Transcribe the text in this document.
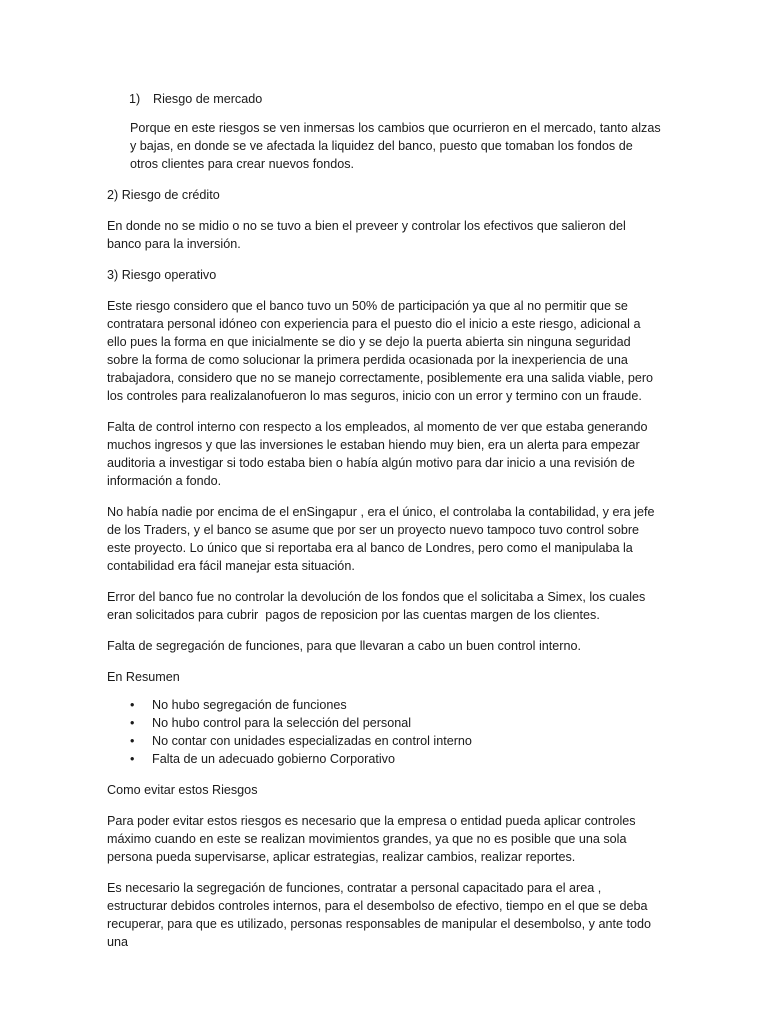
1)	Riesgo de mercado

Porque en este riesgos se ven inmersas los cambios que ocurrieron en el mercado, tanto alzas y bajas, en donde se ve afectada la liquidez del banco, puesto que tomaban los fondos de otros clientes para crear nuevos fondos.

2) Riesgo de crédito

En donde no se midio o no se tuvo a bien el preveer y controlar los efectivos que salieron del banco para la inversión.

3) Riesgo operativo

Este riesgo considero que el banco tuvo un 50% de participación ya que al no permitir que se contratara personal idóneo con experiencia para el puesto dio el inicio a este riesgo, adicional a ello pues la forma en que inicialmente se dio y se dejo la puerta abierta sin ninguna seguridad sobre la forma de como solucionar la primera perdida ocasionada por la inexperiencia de una trabajadora, considero que no se manejo correctamente, posiblemente era una salida viable, pero los controles para realizalanofueron lo mas seguros, inicio con un error y termino con un fraude.

Falta de control interno con respecto a los empleados, al momento de ver que estaba generando muchos ingresos y que las inversiones le estaban hiendo muy bien, era un alerta para empezar auditoria a investigar si todo estaba bien o había algún motivo para dar inicio a una revisión de información a fondo.

No había nadie por encima de el enSingapur , era el único, el controlaba la contabilidad, y era jefe de los Traders, y el banco se asume que por ser un proyecto nuevo tampoco tuvo control sobre este proyecto. Lo único que si reportaba era al banco de Londres, pero como el manipulaba la contabilidad era fácil manejar esta situación.

Error del banco fue no controlar la devolución de los fondos que el solicitaba a Simex, los cuales eran solicitados para cubrir  pagos de reposicion por las cuentas margen de los clientes.

Falta de segregación de funciones, para que llevaran a cabo un buen control interno.

En Resumen

•	No hubo segregación de funciones
•	No hubo control para la selección del personal
•	No contar con unidades especializadas en control interno
•	Falta de un adecuado gobierno Corporativo

Como evitar estos Riesgos

Para poder evitar estos riesgos es necesario que la empresa o entidad pueda aplicar controles máximo cuando en este se realizan movimientos grandes, ya que no es posible que una sola persona pueda supervisarse, aplicar estrategias, realizar cambios, realizar reportes.

Es necesario la segregación de funciones, contratar a personal capacitado para el area , estructurar debidos controles internos, para el desembolso de efectivo, tiempo en el que se deba recuperar, para que es utilizado, personas responsables de manipular el desembolso, y ante todo una
